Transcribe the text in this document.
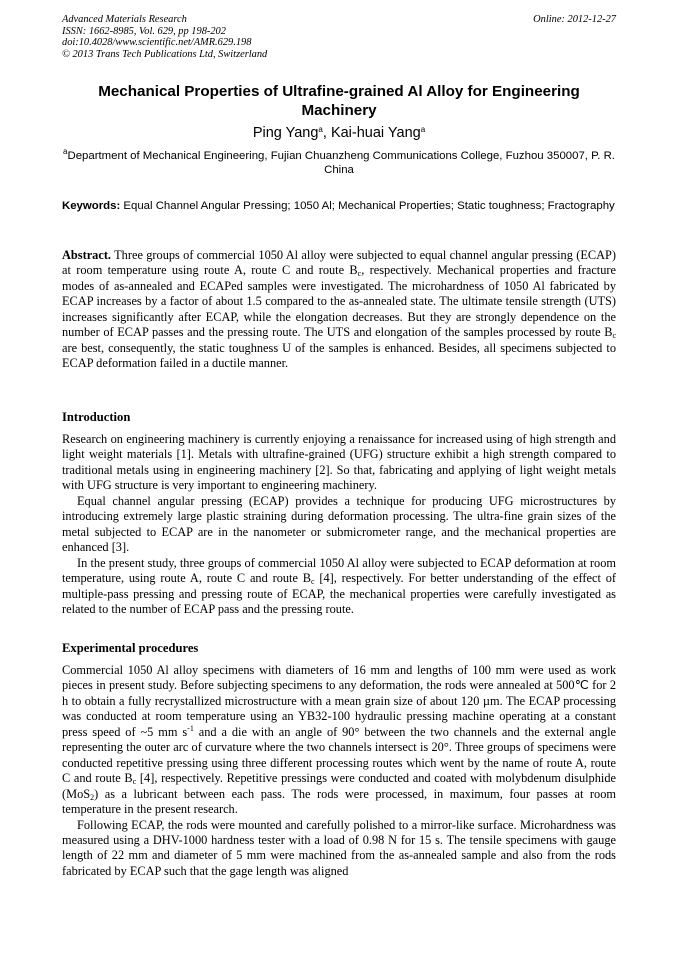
Advanced Materials Research
ISSN: 1662-8985, Vol. 629, pp 198-202
doi:10.4028/www.scientific.net/AMR.629.198
© 2013 Trans Tech Publications Ltd, Switzerland
Online: 2012-12-27
Mechanical Properties of Ultrafine-grained Al Alloy for Engineering Machinery
Ping Yang$^a$, Kai-huai Yang$^a$
$^a$Department of Mechanical Engineering, Fujian Chuanzheng Communications College, Fuzhou 350007, P. R. China
Keywords: Equal Channel Angular Pressing; 1050 Al; Mechanical Properties; Static toughness; Fractography

Abstract. Three groups of commercial 1050 Al alloy were subjected to equal channel angular pressing (ECAP) at room temperature using route A, route C and route $B_c$, respectively. Mechanical properties and fracture modes of as-annealed and ECAPed samples were investigated. The microhardness of 1050 Al fabricated by ECAP increases by a factor of about 1.5 compared to the as-annealed state. The ultimate tensile strength (UTS) increases significantly after ECAP, while the elongation decreases. But they are strongly dependence on the number of ECAP passes and the pressing route. The UTS and elongation of the samples processed by route $B_c$ are best, consequently, the static toughness U of the samples is enhanced. Besides, all specimens subjected to ECAP deformation failed in a ductile manner.

Introduction

Research on engineering machinery is currently enjoying a renaissance for increased using of high strength and light weight materials [1]. Metals with ultrafine-grained (UFG) structure exhibit a high strength compared to traditional metals using in engineering machinery [2]. So that, fabricating and applying of light weight metals with UFG structure is very important to engineering machinery.

Equal channel angular pressing (ECAP) provides a technique for producing UFG microstructures by introducing extremely large plastic straining during deformation processing. The ultra-fine grain sizes of the metal subjected to ECAP are in the nanometer or submicrometer range, and the mechanical properties are enhanced [3].

In the present study, three groups of commercial 1050 Al alloy were subjected to ECAP deformation at room temperature, using route A, route C and route $B_c$ [4], respectively. For better understanding of the effect of multiple-pass pressing and pressing route of ECAP, the mechanical properties were carefully investigated as related to the number of ECAP pass and the pressing route.

Experimental procedures

Commercial 1050 Al alloy specimens with diameters of 16 mm and lengths of 100 mm were used as work pieces in present study. Before subjecting specimens to any deformation, the rods were annealed at 500℃ for 2 h to obtain a fully recrystallized microstructure with a mean grain size of about 120 µm. The ECAP processing was conducted at room temperature using an YB32-100 hydraulic pressing machine operating at a constant press speed of ~5 mm $s^{-1}$ and a die with an angle of 90° between the two channels and the external angle representing the outer arc of curvature where the two channels intersect is 20°. Three groups of specimens were conducted repetitive pressing using three different processing routes which went by the name of route A, route C and route $B_c$ [4], respectively. Repetitive pressings were conducted and coated with molybdenum disulphide (MoS$_2$) as a lubricant between each pass. The rods were processed, in maximum, four passes at room temperature in the present research.

Following ECAP, the rods were mounted and carefully polished to a mirror-like surface. Microhardness was measured using a DHV-1000 hardness tester with a load of 0.98 N for 15 s. The tensile specimens with gauge length of 22 mm and diameter of 5 mm were machined from the as-annealed sample and also from the rods fabricated by ECAP such that the gage length was aligned
